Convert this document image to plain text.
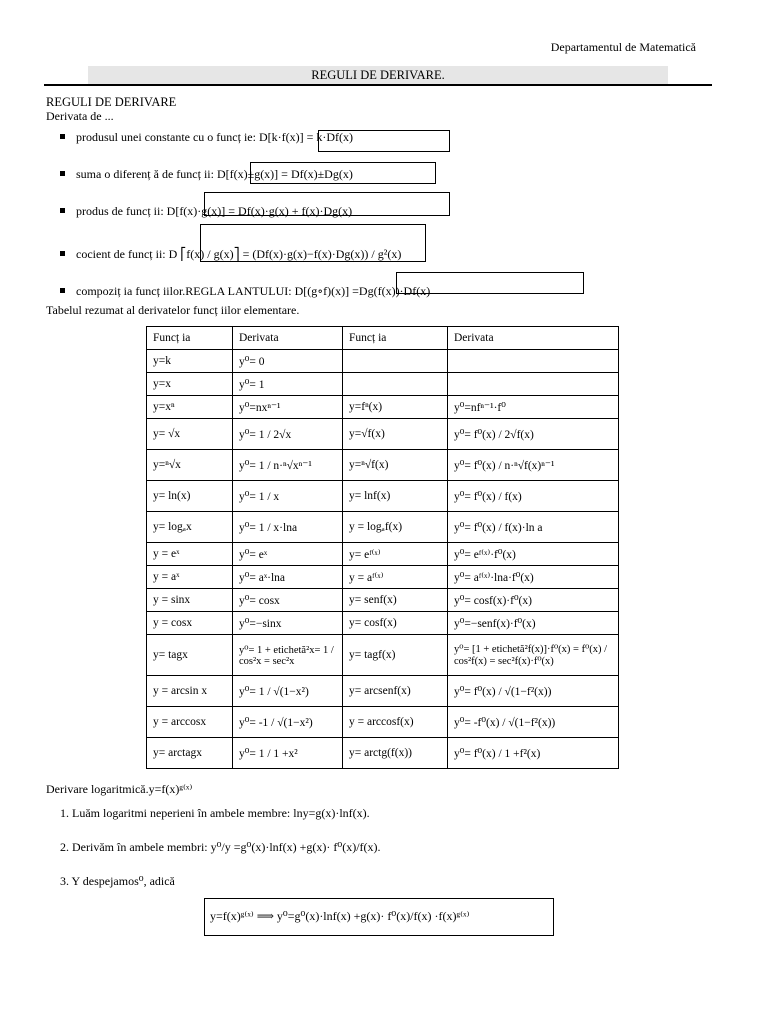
Departamentul de Matematică
REGULI DE DERIVARE.
REGULI DE DERIVARE
Derivata de ...
produsul unei constante cu o funcț ie: D[k·f(x)] = k·Df(x)
suma o diferenț ă de funcț ii: D[f(x)±g(x)] = Df(x)±Dg(x)
produs de funcț ii: D[f(x)·g(x)] = Df(x)·g(x) + f(x)·Dg(x)
cocient de funcț ii: D ⎡f(x) / g(x)⎤ = (Df(x)·g(x)−f(x)·Dg(x)) / g²(x)
compoziț ia funcț iilor.REGLA LANTULUI: D[(g∘f)(x)] =Dg(f(x))·Df(x)
Tabelul rezumat al derivatelor funcț iilor elementare.
Funcț ia	Derivata	Funcț ia	Derivata
y=k	y⁰= 0		
y=x	y⁰= 1		
y=xⁿ	y⁰=nxⁿ⁻¹	y=fⁿ(x)	y⁰=nfⁿ⁻¹·f⁰
y= √x	y⁰= 1 / 2√x	y=√f(x)	y⁰= f⁰(x) / 2√f(x)
y=ⁿ√x	y⁰= 1 / n·ⁿ√xⁿ⁻¹	y=ⁿ√f(x)	y⁰= f⁰(x) / n·ⁿ√f(x)ⁿ⁻¹
y= ln(x)	y⁰= 1 / x	y= lnf(x)	y⁰= f⁰(x) / f(x)
y= logₐx	y⁰= 1 / x·lna	y = logₐf(x)	y⁰= f⁰(x) / f(x)·ln a
y = eˣ	y⁰= eˣ	y= eᶠ⁽ˣ⁾	y⁰= eᶠ⁽ˣ⁾·f⁰(x)
y = aˣ	y⁰= aˣ·lna	y = aᶠ⁽ˣ⁾	y⁰= aᶠ⁽ˣ⁾·lna·f⁰(x)
y = sinx	y⁰= cosx	y= senf(x)	y⁰= cosf(x)·f⁰(x)
y = cosx	y⁰=−sinx	y= cosf(x)	y⁰=−senf(x)·f⁰(x)
y= tagx	y⁰= 1 + etichetă²x= 1 / cos²x = sec²x	y= tagf(x)	y⁰= [1 + etichetă²f(x)]·f⁰(x) = f⁰(x) / cos²f(x) = sec²f(x)·f⁰(x)
y = arcsin x	y⁰= 1 / √(1−x²)	y= arcsenf(x)	y⁰= f⁰(x) / √(1−f²(x))
y = arccosx	y⁰= -1 / √(1−x²)	y = arccosf(x)	y⁰= -f⁰(x) / √(1−f²(x))
y= arctagx	y⁰= 1 / 1 +x²	y= arctg(f(x))	y⁰= f⁰(x) / 1 +f²(x)
Derivare logaritmică.y=f(x)ᵍ⁽ˣ⁾
1. Luăm logaritmi neperieni în ambele membre: lny=g(x)·lnf(x).
2. Derivăm în ambele membri: y⁰/y =g⁰(x)·lnf(x) +g(x)· f⁰(x)/f(x).
3. Y despejamos⁰, adică
y=f(x)ᵍ⁽ˣ⁾ ⟹ y⁰=g⁰(x)·lnf(x) +g(x)· f⁰(x)/f(x) ·f(x)ᵍ⁽ˣ⁾
